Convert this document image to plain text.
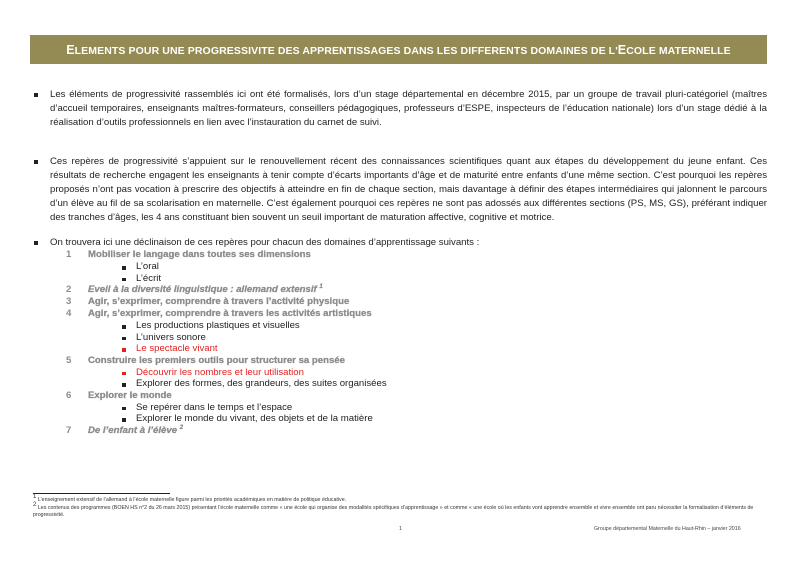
ELEMENTS POUR UNE PROGRESSIVITE DES APPRENTISSAGES DANS LES DIFFERENTS DOMAINES DE L'ECOLE MATERNELLE
Les éléments de progressivité rassemblés ici ont été formalisés, lors d’un stage départemental en décembre 2015, par un groupe de travail pluri-catégoriel (maîtres
d’accueil temporaires, enseignants maîtres-formateurs, conseillers pédagogiques, professeurs d’ESPE, inspecteurs de l’éducation nationale) lors d’un stage dédié à la
réalisation d’outils professionnels en lien avec l’instauration du carnet de suivi.
Ces repères de progressivité s’appuient sur le renouvellement récent des connaissances scientifiques quant aux étapes du développement du jeune enfant. Ces
résultats de recherche engagent les enseignants à tenir compte d’écarts importants d’âge et de maturité entre enfants d’une même section. C’est pourquoi les repères
proposés n’ont pas vocation à prescrire des objectifs à atteindre en fin de chaque section, mais davantage à définir des étapes intermédiaires qui jalonnent le parcours
d’un élève au fil de sa scolarisation en maternelle. C’est également pourquoi ces repères ne sont pas adossés aux différentes sections (PS, MS, GS), préférant indiquer
des tranches d’âges, les 4 ans constituant bien souvent un seuil important de maturation affective, cognitive et motrice.
On trouvera ici une déclinaison de ces repères pour chacun des domaines d’apprentissage suivants :
1 Mobiliser le langage dans toutes ses dimensions
L’oral
L’écrit
2 Eveil à la diversité linguistique : allemand extensif $^1$
3 Agir, s’exprimer, comprendre à travers l’activité physique
4 Agir, s’exprimer, comprendre à travers les activités artistiques
Les productions plastiques et visuelles
L’univers sonore
Le spectacle vivant
5 Construire les premiers outils pour structurer sa pensée
Découvrir les nombres et leur utilisation
Explorer des formes, des grandeurs, des suites organisées
6 Explorer le monde
Se repérer dans le temps et l’espace
Explorer le monde du vivant, des objets et de la matière
7 De l’enfant à l’élève $^2$
$^1$ L’enseignement extensif de l’allemand à l’école maternelle figure parmi les priorités académiques en matière de politique éducative.
$^2$ Les contenus des programmes (BOEN HS n°2 du 26 mars 2015) présentant l’école maternelle comme « une école qui organise des modalités spécifiques d’apprentissage » et comme « une école où les enfants vont apprendre ensemble et vivre ensemble ont paru nécessiter la formalisation d’éléments de progressivité.
1	Groupe départemental Maternelle du Haut-Rhin – janvier 2016
